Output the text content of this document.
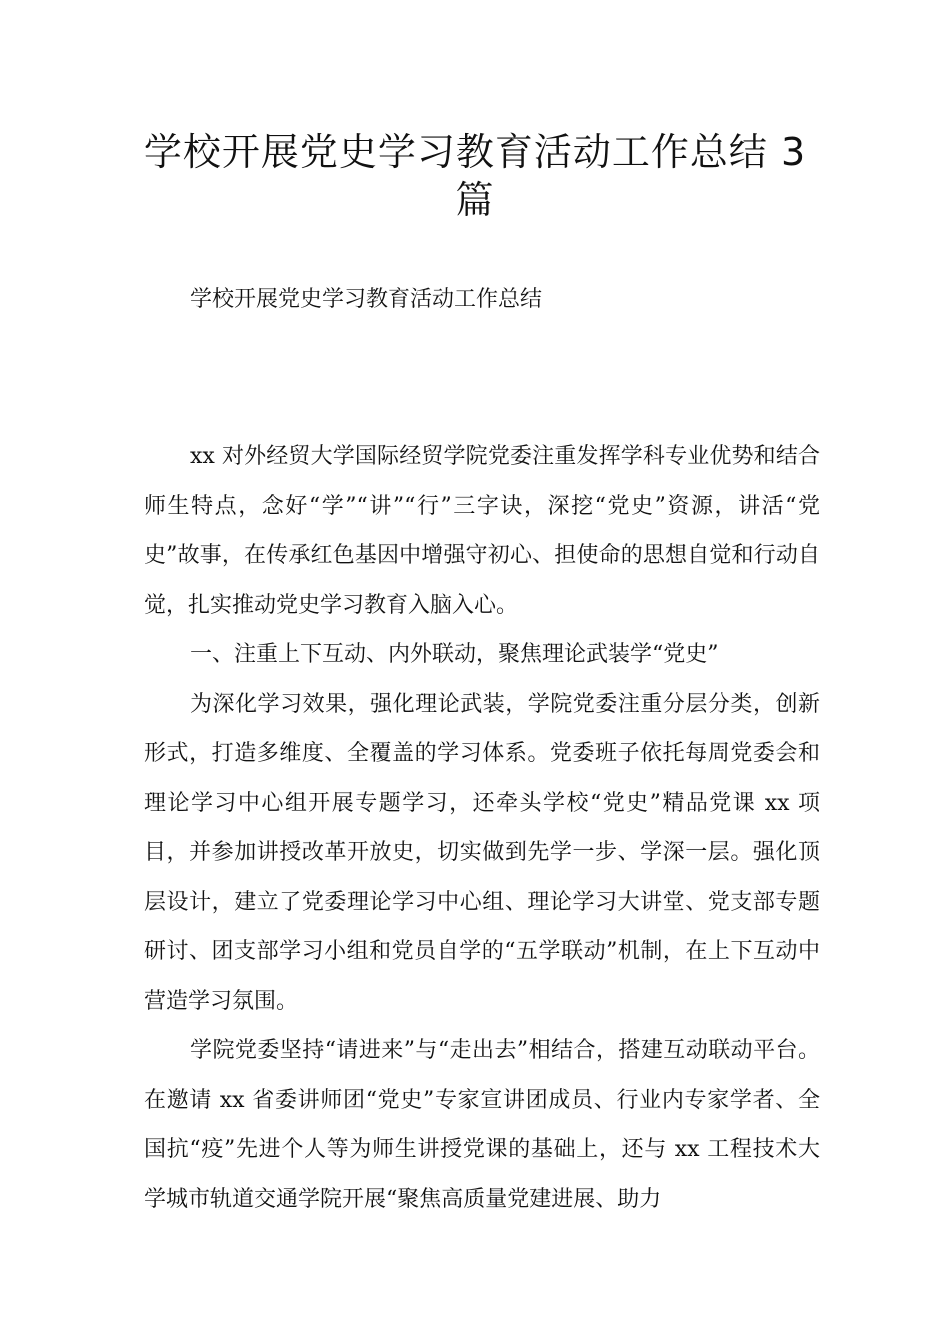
学校开展党史学习教育活动工作总结 3 篇

学校开展党史学习教育活动工作总结

xx 对外经贸大学国际经贸学院党委注重发挥学科专业优势和结合师生特点，念好“学”“讲”“行”三字诀，深挖“党史”资源，讲活“党史”故事，在传承红色基因中增强守初心、担使命的思想自觉和行动自觉，扎实推动党史学习教育入脑入心。

一、注重上下互动、内外联动，聚焦理论武装学“党史”

为深化学习效果，强化理论武装，学院党委注重分层分类，创新形式，打造多维度、全覆盖的学习体系。党委班子依托每周党委会和理论学习中心组开展专题学习，还牵头学校“党史”精品党课 xx 项目，并参加讲授改革开放史，切实做到先学一步、学深一层。强化顶层设计，建立了党委理论学习中心组、理论学习大讲堂、党支部专题研讨、团支部学习小组和党员自学的“五学联动”机制，在上下互动中营造学习氛围。

学院党委坚持“请进来”与“走出去”相结合，搭建互动联动平台。在邀请 xx 省委讲师团“党史”专家宣讲团成员、行业内专家学者、全国抗“疫”先进个人等为师生讲授党课的基础上，还与 xx 工程技术大学城市轨道交通学院开展“聚焦高质量党建进展、助力
